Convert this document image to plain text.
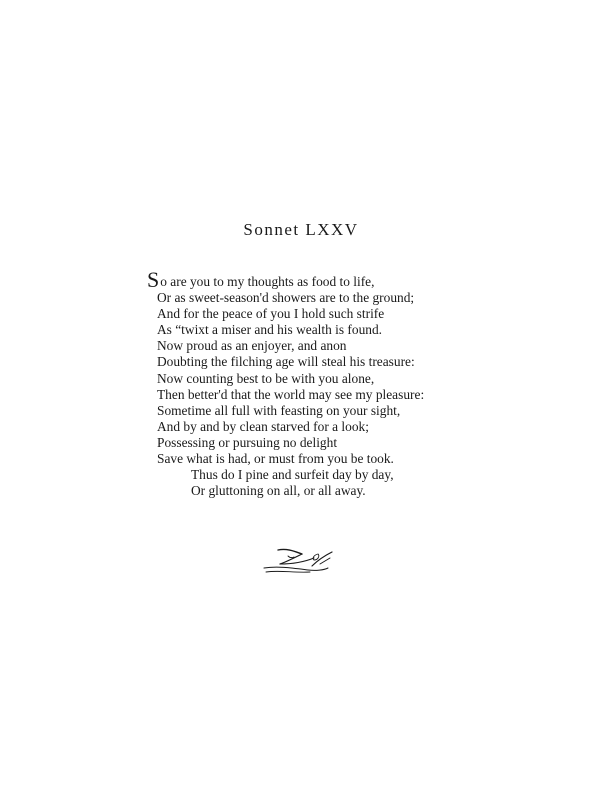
Sonnet LXXV
So are you to my thoughts as food to life,
Or as sweet-season'd showers are to the ground;
And for the peace of you I hold such strife
As “twixt a miser and his wealth is found.
Now proud as an enjoyer, and anon
Doubting the filching age will steal his treasure:
Now counting best to be with you alone,
Then better'd that the world may see my pleasure:
Sometime all full with feasting on your sight,
And by and by clean starved for a look;
Possessing or pursuing no delight
Save what is had, or must from you be took.
Thus do I pine and surfeit day by day,
Or gluttoning on all, or all away.
